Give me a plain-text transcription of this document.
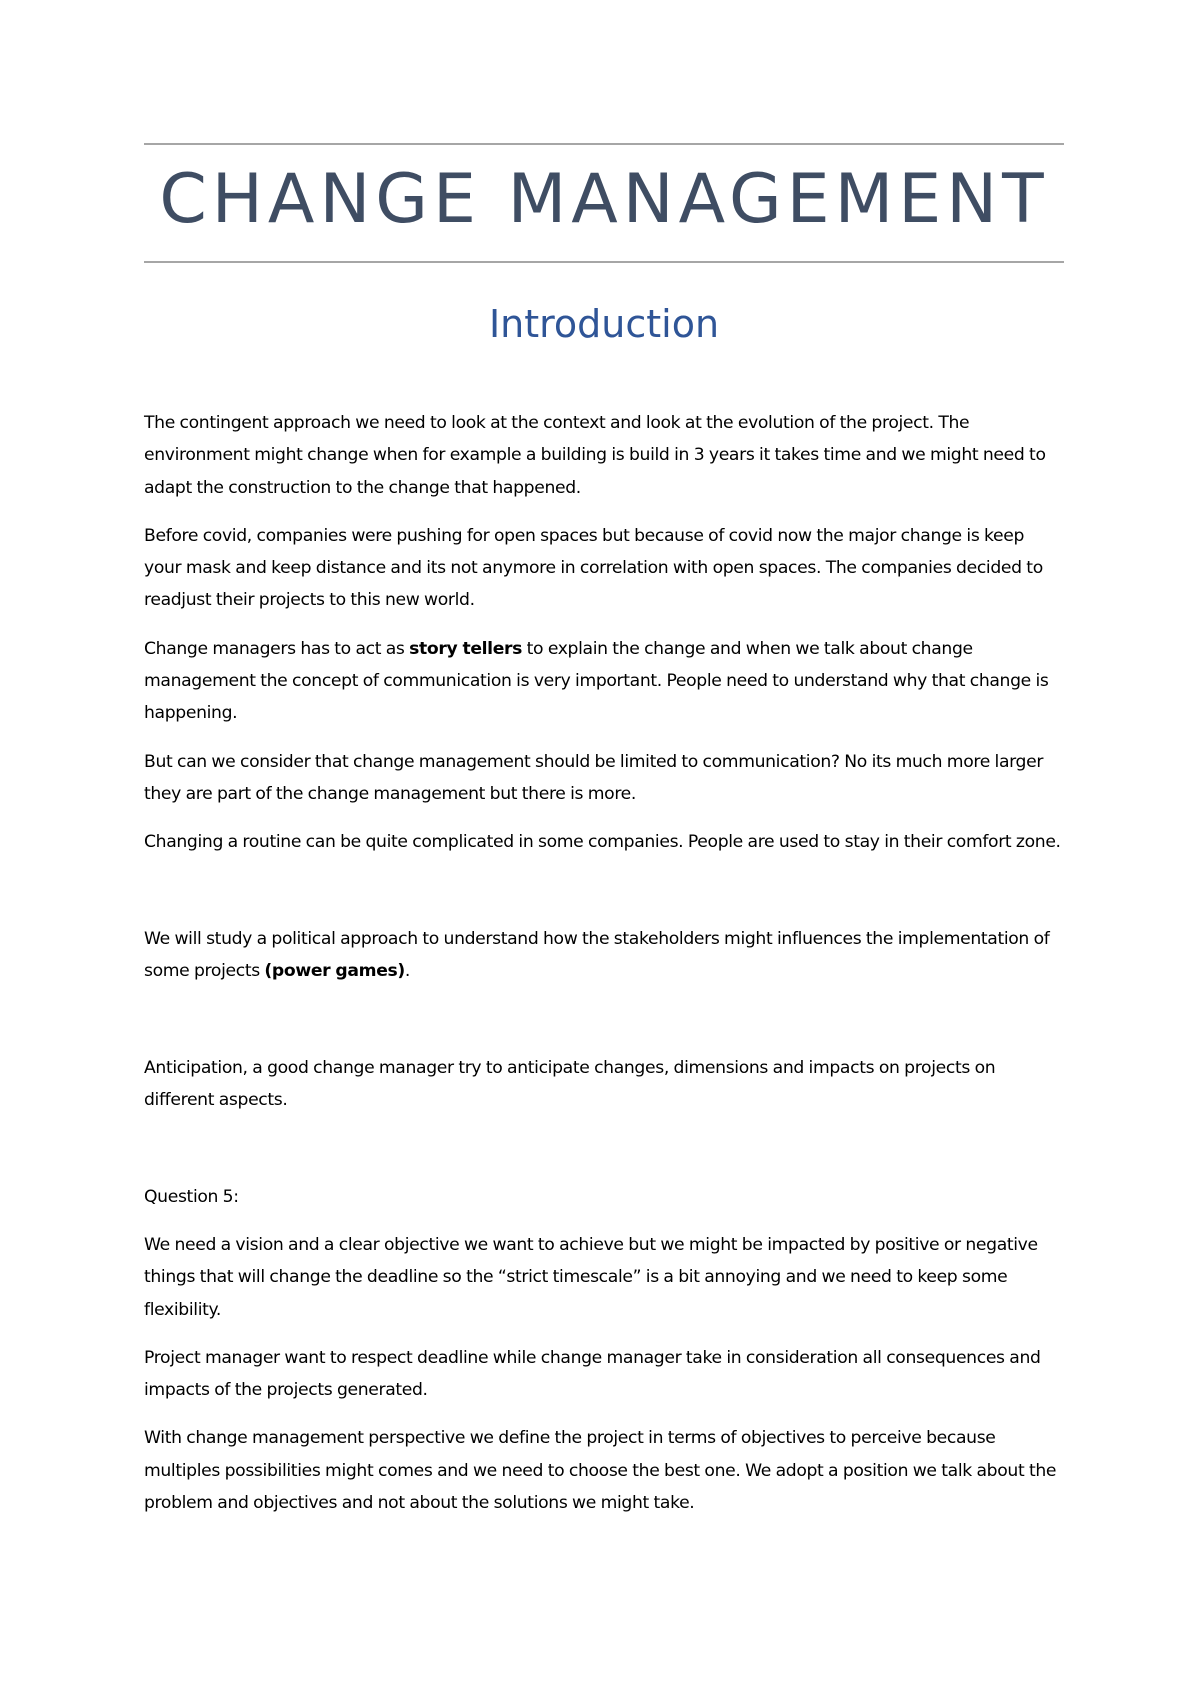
CHANGE MANAGEMENT
Introduction

The contingent approach we need to look at the context and look at the evolution of the project. The environment might change when for example a building is build in 3 years it takes time and we might need to adapt the construction to the change that happened.

Before covid, companies were pushing for open spaces but because of covid now the major change is keep your mask and keep distance and its not anymore in correlation with open spaces. The companies decided to readjust their projects to this new world.

Change managers has to act as story tellers to explain the change and when we talk about change management the concept of communication is very important. People need to understand why that change is happening.

But can we consider that change management should be limited to communication? No its much more larger they are part of the change management but there is more.

Changing a routine can be quite complicated in some companies. People are used to stay in their comfort zone.

We will study a political approach to understand how the stakeholders might influences the implementation of some projects (power games).

Anticipation, a good change manager try to anticipate changes, dimensions and impacts on projects on different aspects.

Question 5:

We need a vision and a clear objective we want to achieve but we might be impacted by positive or negative things that will change the deadline so the “strict timescale” is a bit annoying and we need to keep some flexibility.

Project manager want to respect deadline while change manager take in consideration all consequences and impacts of the projects generated.

With change management perspective we define the project in terms of objectives to perceive because multiples possibilities might comes and we need to choose the best one. We adopt a position we talk about the problem and objectives and not about the solutions we might take.
